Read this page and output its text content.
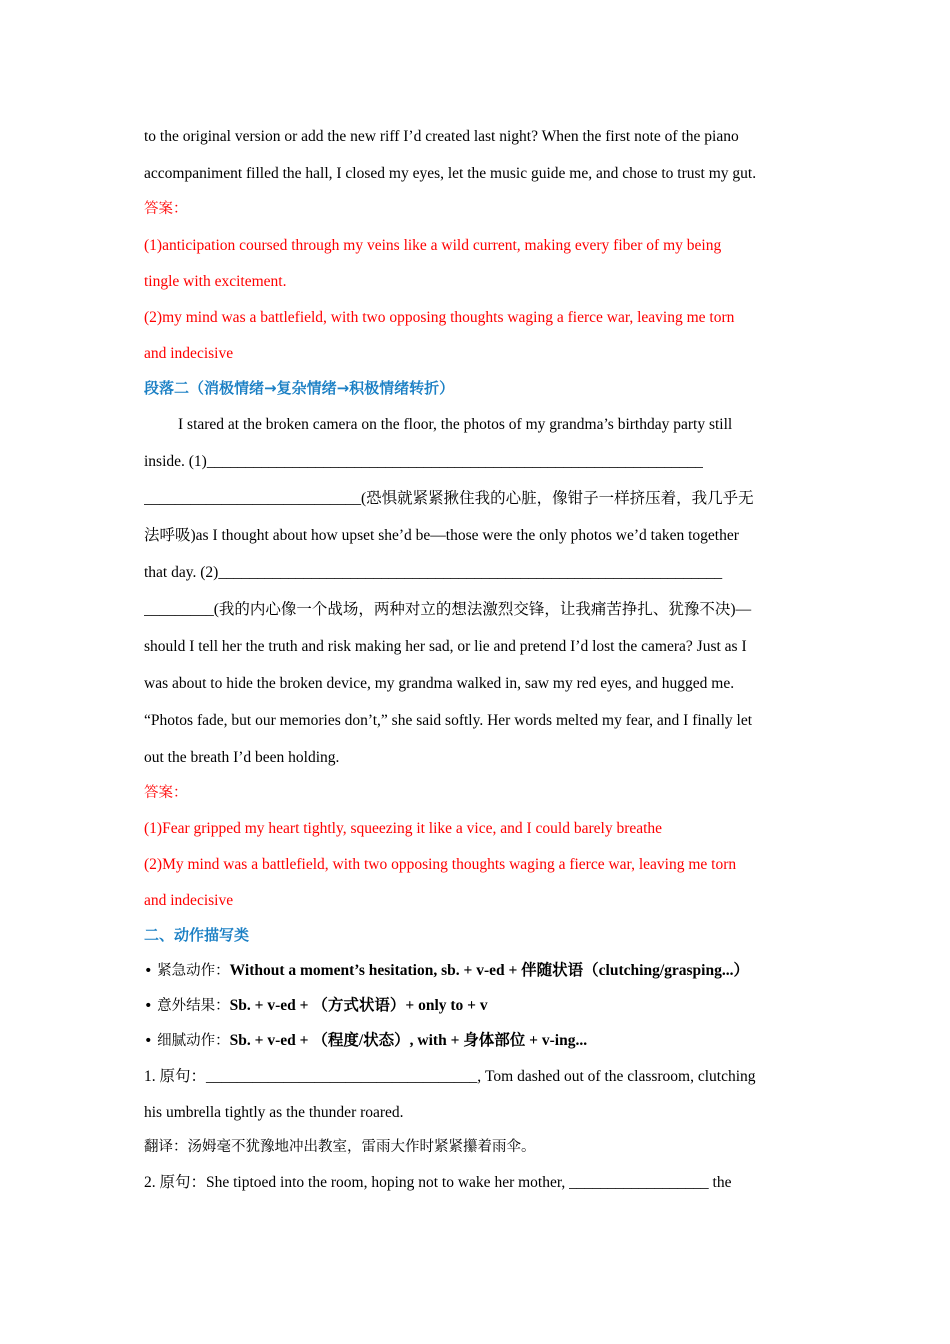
to the original version or add the new riff I’d created last night? When the first note of the piano
accompaniment filled the hall, I closed my eyes, let the music guide me, and chose to trust my gut.
答案：
(1)anticipation coursed through my veins like a wild current, making every fiber of my being
tingle with excitement.
(2)my mind was a battlefield, with two opposing thoughts waging a fierce war, leaving me torn
and indecisive
段落二（消极情绪→复杂情绪→积极情绪转折）
I stared at the broken camera on the floor, the photos of my grandma’s birthday party still
inside. (1)________________________________________________________________
____________________________(恐惧就紧紧揪住我的心脏，像钳子一样挤压着，我几乎无
法呼吸)as I thought about how upset she’d be—those were the only photos we’d taken together
that day. (2)_________________________________________________________________
_________(我的内心像一个战场，两种对立的想法激烈交锋，让我痛苦挣扎、犹豫不决)—
should I tell her the truth and risk making her sad, or lie and pretend I’d lost the camera? Just as I
was about to hide the broken device, my grandma walked in, saw my red eyes, and hugged me.
“Photos fade, but our memories don’t,” she said softly. Her words melted my fear, and I finally let
out the breath I’d been holding.
答案：
(1)Fear gripped my heart tightly, squeezing it like a vice, and I could barely breathe
(2)My mind was a battlefield, with two opposing thoughts waging a fierce war, leaving me torn
and indecisive
二、动作描写类
• 紧急动作：Without a moment’s hesitation, sb. + v-ed + 伴随状语（clutching/grasping...）
• 意外结果：Sb. + v-ed + （方式状语）+ only to + v
• 细腻动作：Sb. + v-ed + （程度/状态）, with + 身体部位 + v-ing...
1. 原句：___________________________________, Tom dashed out of the classroom, clutching
his umbrella tightly as the thunder roared.
翻译：汤姆毫不犹豫地冲出教室，雷雨大作时紧紧攥着雨伞。
2. 原句：She tiptoed into the room, hoping not to wake her mother, __________________ the
